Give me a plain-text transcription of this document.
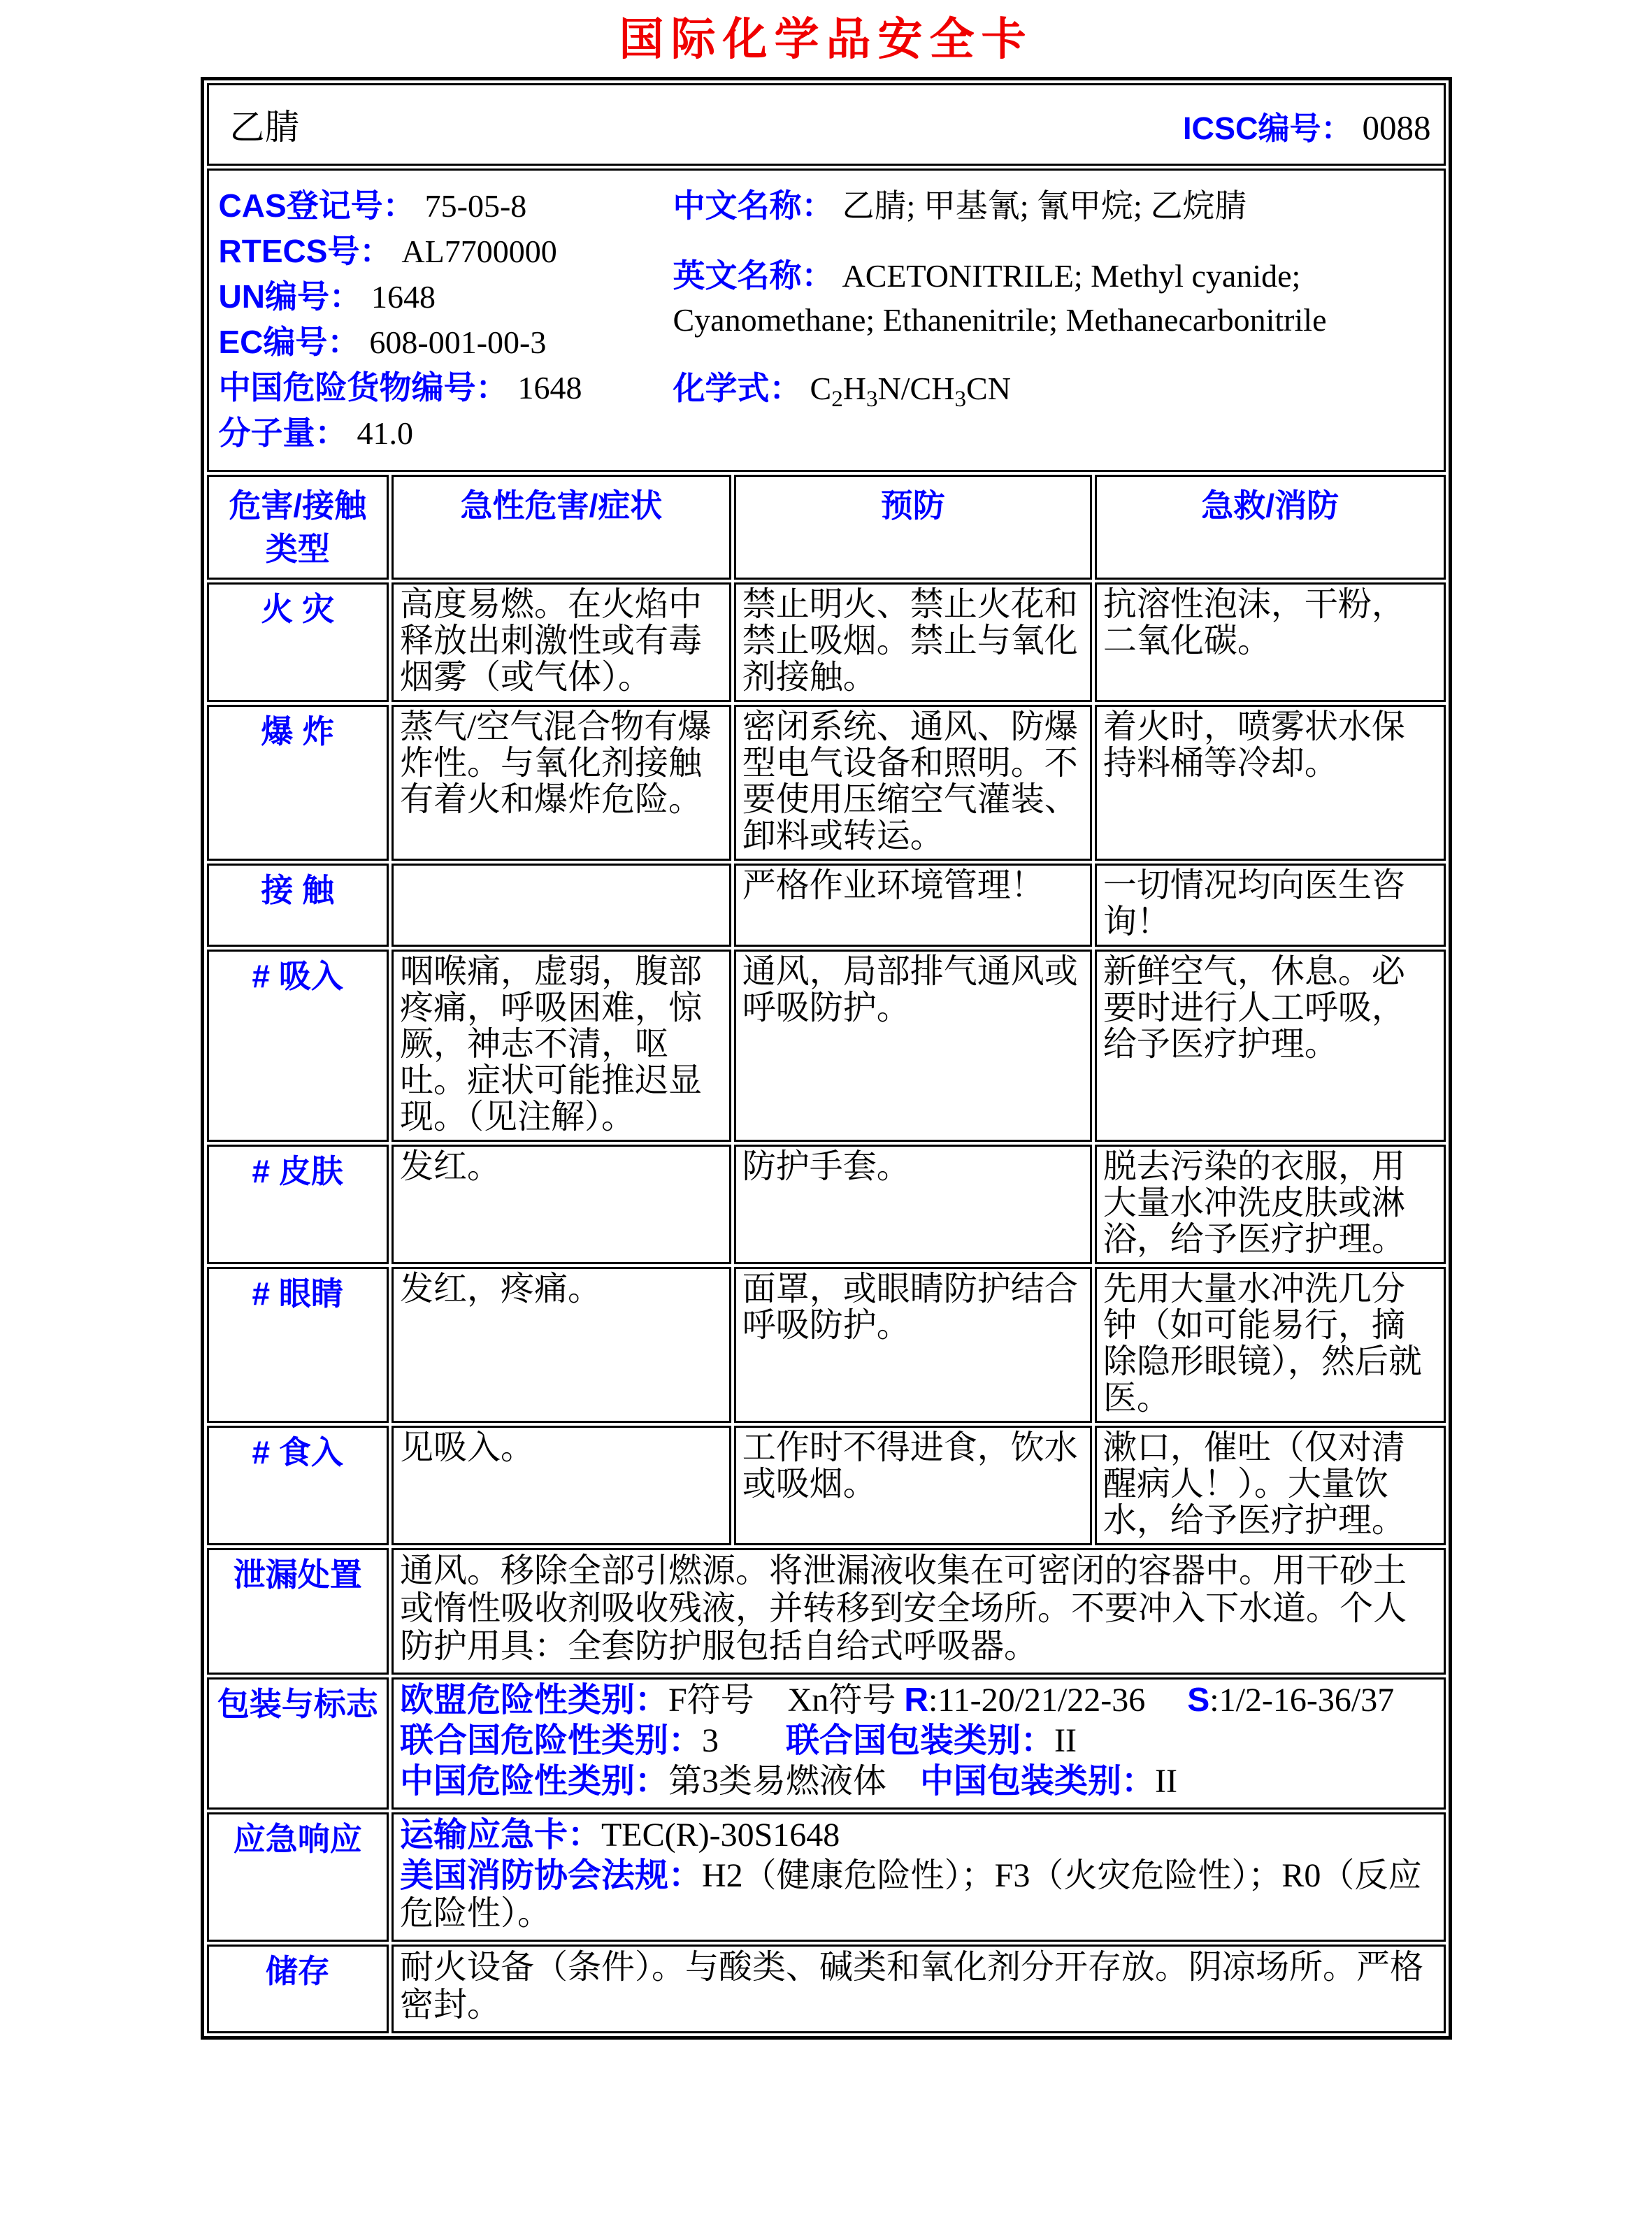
国际化学品安全卡
乙腈 ICSC编号： 0088			

CAS登记号： 75-05-8
RTECS号： AL7700000
UN编号： 1648
EC编号： 608-001-00-3
中国危险货物编号： 1648
分子量： 41.0

中文名称： 乙腈; 甲基氰; 氰甲烷; 乙烷腈

英文名称： ACETONITRILE; Methyl cyanide; Cyanomethane; Ethanenitrile; Methanecarbonitrile

化学式： $C_2H_3N/CH_3CN$

危害/接触类型	急性危害/症状	预防	急救/消防
火 灾	高度易燃。在火焰中释放出刺激性或有毒烟雾（或气体）。	禁止明火、禁止火花和禁止吸烟。禁止与氧化剂接触。	抗溶性泡沫，干粉，二氧化碳。
爆 炸	蒸气/空气混合物有爆炸性。与氧化剂接触有着火和爆炸危险。	密闭系统、通风、防爆型电气设备和照明。不要使用压缩空气灌装、卸料或转运。	着火时，喷雾状水保持料桶等冷却。
接 触		严格作业环境管理！	一切情况均向医生咨询！
# 吸入	咽喉痛，虚弱，腹部疼痛，呼吸困难，惊厥，神志不清，呕吐。症状可能推迟显现。（见注解）。	通风，局部排气通风或呼吸防护。	新鲜空气，休息。必要时进行人工呼吸，给予医疗护理。
# 皮肤	发红。	防护手套。	脱去污染的衣服，用大量水冲洗皮肤或淋浴，给予医疗护理。
# 眼睛	发红，疼痛。	面罩，或眼睛防护结合呼吸防护。	先用大量水冲洗几分钟（如可能易行，摘除隐形眼镜），然后就医。
# 食入	见吸入。	工作时不得进食，饮水或吸烟。	漱口，催吐（仅对清醒病人！）。大量饮水，给予医疗护理。
泄漏处置	通风。移除全部引燃源。将泄漏液收集在可密闭的容器中。用干砂土或惰性吸收剂吸收残液，并转移到安全场所。不要冲入下水道。个人防护用具：全套防护服包括自给式呼吸器。		

包装与标志	欧盟危险性类别：F符号　Xn符号 R:11-20/21/22-36　 S:1/2-16-36/37

联合国危险性类别：3　　 联合国包装类别：II

中国危险性类别：第3类易燃液体　 中国包装类别：II		

应急响应	运输应急卡：TEC(R)-30S1648

美国消防协会法规：H2（健康危险性）；F3（火灾危险性）；R0（反应危险性）。		

储存	耐火设备（条件）。与酸类、碱类和氧化剂分开存放。阴凉场所。严格密封。		
